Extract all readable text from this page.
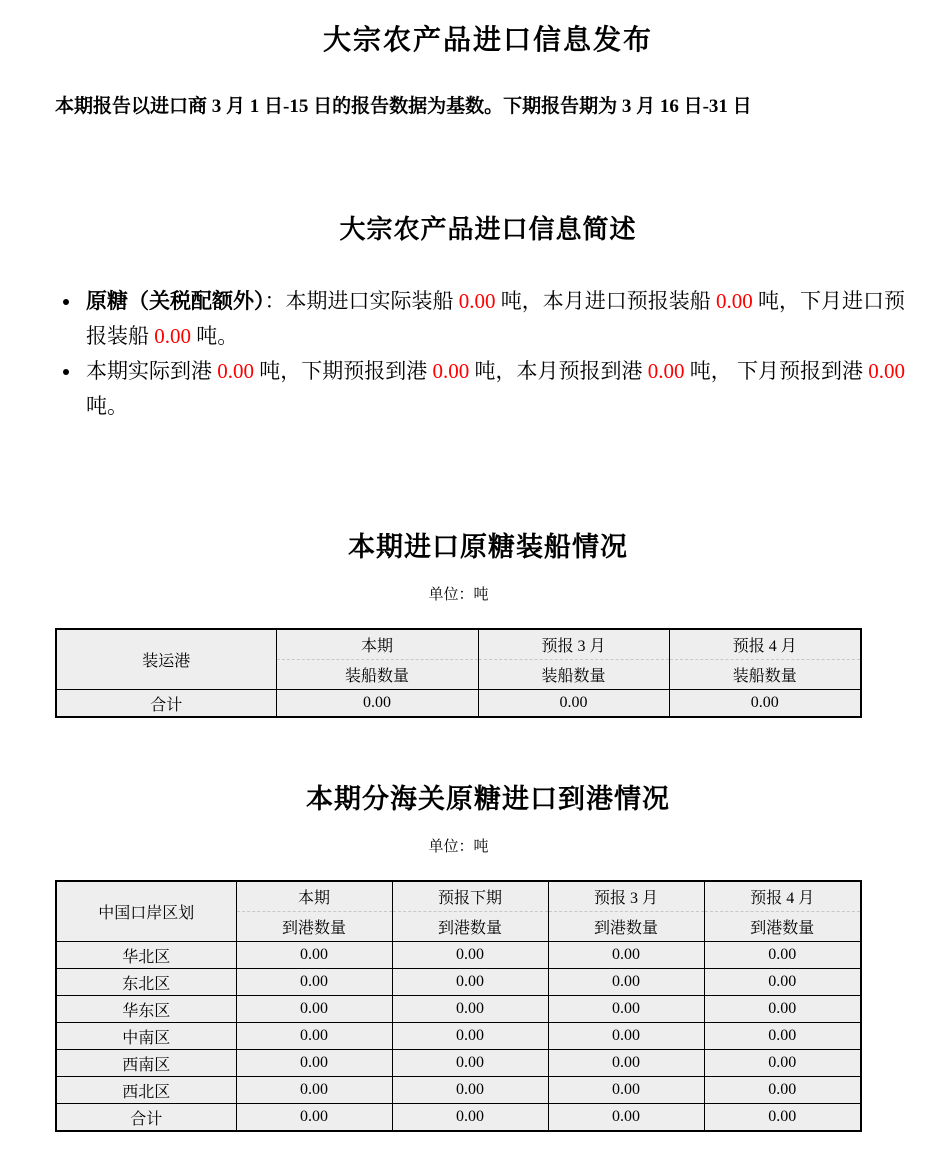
大宗农产品进口信息发布

本期报告以进口商 3 月 1 日-15 日的报告数据为基数。下期报告期为 3 月 16 日-31 日

大宗农产品进口信息简述
• 原糖（关税配额外）：本期进口实际装船 0.00 吨，本月进口预报装船 0.00 吨，下月进口预报装船 0.00 吨。
• 本期实际到港 0.00 吨，下期预报到港 0.00 吨，本月预报到港 0.00 吨， 下月预报到港 0.00 吨。
本期进口原糖装船情况
单位：吨
装运港	本期	预报 3 月	预报 4 月
	装船数量	装船数量	装船数量
合计	0.00	0.00	0.00
本期分海关原糖进口到港情况
单位：吨
中国口岸区划	本期	预报下期	预报 3 月	预报 4 月
	到港数量	到港数量	到港数量	到港数量
华北区	0.00	0.00	0.00	0.00
东北区	0.00	0.00	0.00	0.00
华东区	0.00	0.00	0.00	0.00
中南区	0.00	0.00	0.00	0.00
西南区	0.00	0.00	0.00	0.00
西北区	0.00	0.00	0.00	0.00
合计	0.00	0.00	0.00	0.00
